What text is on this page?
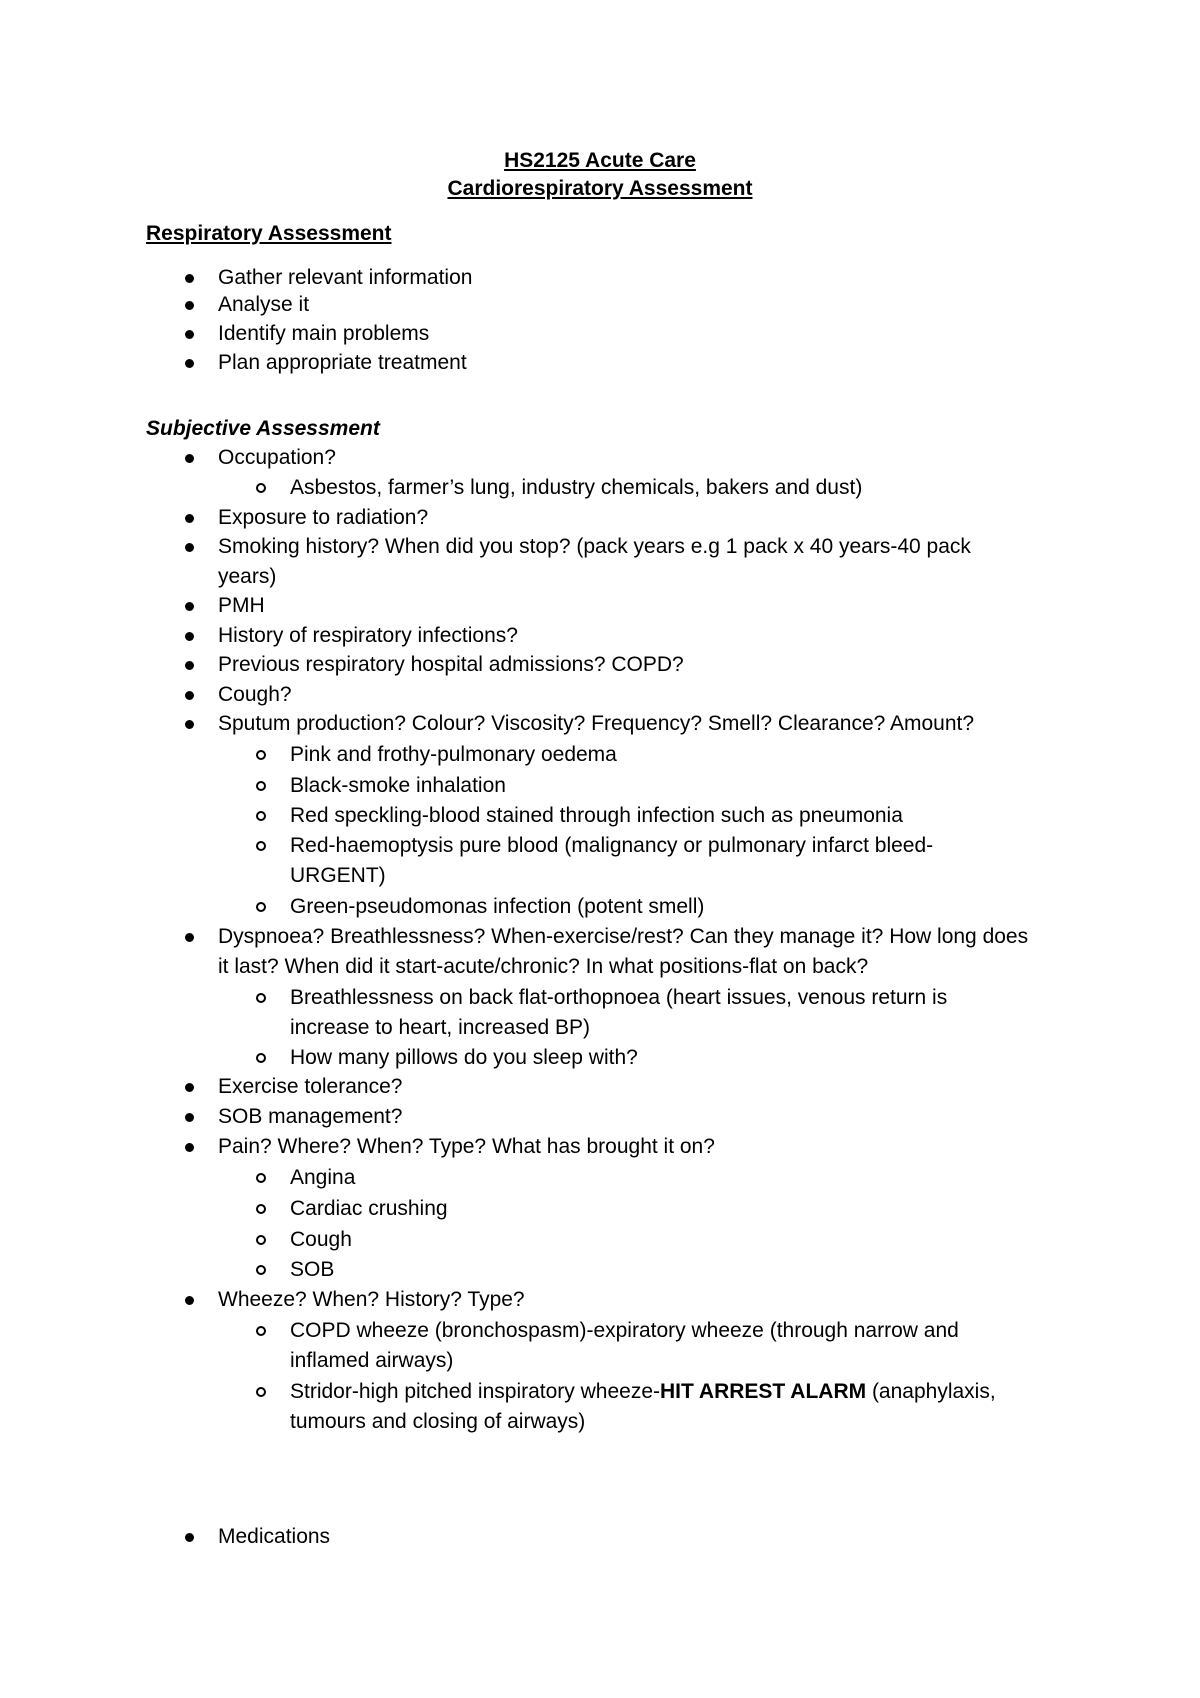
HS2125 Acute Care
Cardiorespiratory Assessment
Respiratory Assessment
Gather relevant information
Analyse it
Identify main problems
Plan appropriate treatment
Subjective Assessment
Occupation?
Asbestos, farmer’s lung, industry chemicals, bakers and dust)
Exposure to radiation?
Smoking history? When did you stop? (pack years e.g 1 pack x 40 years-40 pack
years)
PMH
History of respiratory infections?
Previous respiratory hospital admissions? COPD?
Cough?
Sputum production? Colour? Viscosity? Frequency? Smell? Clearance? Amount?
Pink and frothy-pulmonary oedema
Black-smoke inhalation
Red speckling-blood stained through infection such as pneumonia
Red-haemoptysis pure blood (malignancy or pulmonary infarct bleed-
URGENT)
Green-pseudomonas infection (potent smell)
Dyspnoea? Breathlessness? When-exercise/rest? Can they manage it? How long does
it last? When did it start-acute/chronic? In what positions-flat on back?
Breathlessness on back flat-orthopnoea (heart issues, venous return is
increase to heart, increased BP)
How many pillows do you sleep with?
Exercise tolerance?
SOB management?
Pain? Where? When? Type? What has brought it on?
Angina
Cardiac crushing
Cough
SOB
Wheeze? When? History? Type?
COPD wheeze (bronchospasm)-expiratory wheeze (through narrow and
inflamed airways)
Stridor-high pitched inspiratory wheeze-HIT ARREST ALARM (anaphylaxis,
tumours and closing of airways)
Medications
